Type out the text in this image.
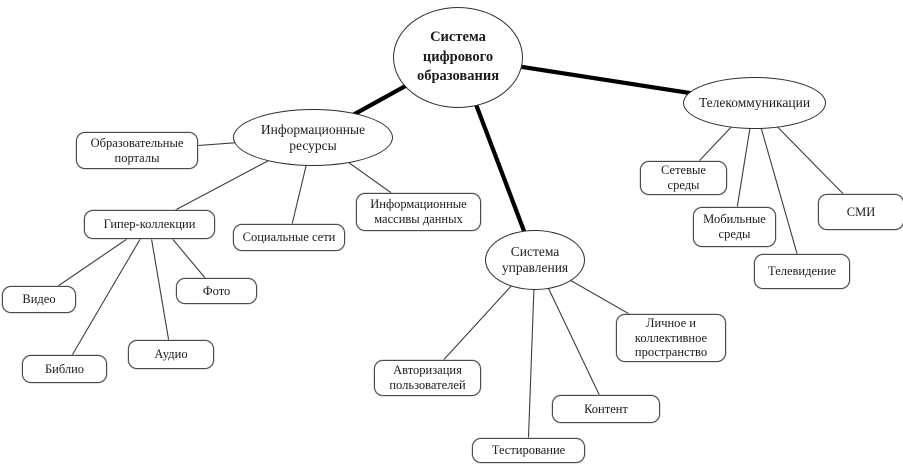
Система цифрового образования
Информационные ресурсы
Телекоммуникации
Система управления
Образовательные порталы
Гипер-коллекции
Социальные сети
Информационные массивы данных
Видео
Фото
Библио
Аудио
Сетевые среды
Мобильные среды
СМИ
Телевидение
Авторизация пользователей
Личное и коллективное пространство
Контент
Тестирование
